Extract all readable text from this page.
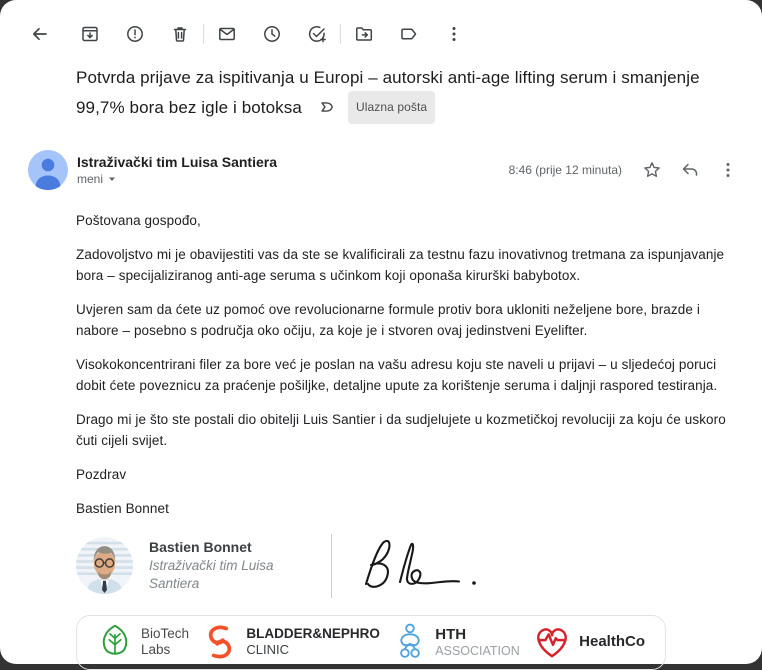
Potvrda prijave za ispitivanja u Europi – autorski anti-age lifting serum i smanjenje 99,7% bora bez igle i botoksa	Ulazna pošta
Istraživački tim Luisa Santiera
meni
8:46 (prije 12 minuta)

Poštovana gospođo,

Zadovoljstvo mi je obavijestiti vas da ste se kvalificirali za testnu fazu inovativnog tretmana za ispunjavanje bora – specijaliziranog anti-age seruma s učinkom koji oponaša kirurški babybotox.

Uvjeren sam da ćete uz pomoć ove revolucionarne formule protiv bora ukloniti neželjene bore, brazde i nabore – posebno s područja oko očiju, za koje je i stvoren ovaj jedinstveni Eyelifter.

Visokokoncentrirani filer za bore već je poslan na vašu adresu koju ste naveli u prijavi – u sljedećoj poruci dobit ćete poveznicu za praćenje pošiljke, detaljne upute za korištenje seruma i daljnji raspored testiranja.

Drago mi je što ste postali dio obitelji Luis Santier i da sudjelujete u kozmetičkoj revoluciji za koju će uskoro čuti cijeli svijet.

Pozdrav

Bastien Bonnet

Bastien Bonnet
Istraživački tim Luisa Santiera
BioTech
Labs
BLADDER&NEPHRO
CLINIC
HTH
ASSOCIATION
HealthCo
